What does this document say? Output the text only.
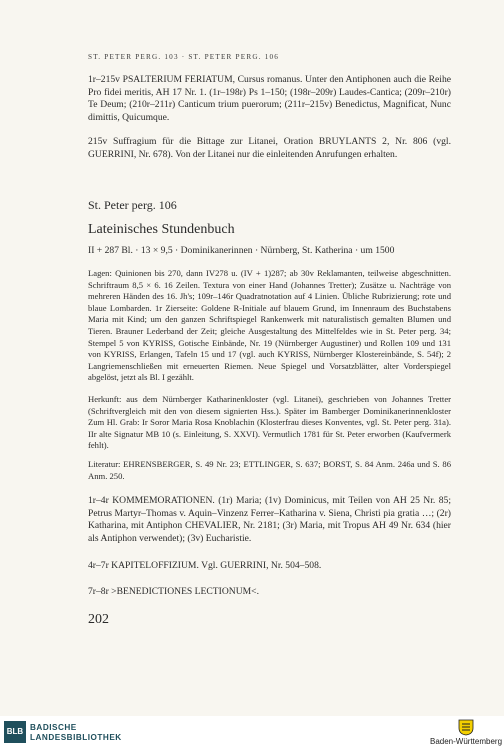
ST. PETER PERG. 103 · ST. PETER PERG. 106
1r–215v PSALTERIUM FERIATUM, Cursus romanus. Unter den Antiphonen auch die Reihe Pro fidei meritis, AH 17 Nr. 1. (1r–198r) Ps 1–150; (198r–209r) Laudes-Cantica; (209r–210r) Te Deum; (210r–211r) Canticum trium puerorum; (211r–215v) Benedictus, Magnificat, Nunc dimittis, Quicumque.
215v Suffragium für die Bittage zur Litanei, Oration BRUYLANTS 2, Nr. 806 (vgl. GUERRINI, Nr. 678). Von der Litanei nur die einleitenden Anrufungen erhalten.
St. Peter perg. 106
Lateinisches Stundenbuch
II + 287 Bl. · 13 × 9,5 · Dominikanerinnen · Nürnberg, St. Katherina · um 1500
Lagen: Quinionen bis 270, dann IV278 u. (IV + 1)287; ab 30v Reklamanten, teilweise abgeschnitten. Schriftraum 8,5 × 6. 16 Zeilen. Textura von einer Hand (Johannes Tretter); Zusätze u. Nachträge von mehreren Händen des 16. Jh's; 109r–146r Quadratnotation auf 4 Linien. Übliche Rubrizierung; rote und blaue Lombarden. 1r Zierseite: Goldene R-Initiale auf blauem Grund, im Innenraum des Buchstabens Maria mit Kind; um den ganzen Schriftspiegel Rankenwerk mit naturalistisch gemalten Blumen und Tieren. Brauner Lederband der Zeit; gleiche Ausgestaltung des Mittelfeldes wie in St. Peter perg. 34; Stempel 5 von KYRISS, Gotische Einbände, Nr. 19 (Nürnberger Augustiner) und Rollen 109 und 131 von KYRISS, Erlangen, Tafeln 15 und 17 (vgl. auch KYRISS, Nürnberger Klostereinbände, S. 54f); 2 Langriemenschließen mit erneuerten Riemen. Neue Spiegel und Vorsatzblätter, alter Vorderspiegel abgelöst, jetzt als Bl. I gezählt.
Herkunft: aus dem Nürnberger Katharinenkloster (vgl. Litanei), geschrieben von Johannes Tretter (Schriftvergleich mit den von diesem signierten Hss.). Später im Bamberger Dominikanerinnenkloster Zum Hl. Grab: Ir Soror Maria Rosa Knoblachin (Klosterfrau dieses Konventes, vgl. St. Peter perg. 31a). IIr alte Signatur MB 10 (s. Einleitung, S. XXVI). Vermutlich 1781 für St. Peter erworben (Kaufvermerk fehlt).
Literatur: EHRENSBERGER, S. 49 Nr. 23; ETTLINGER, S. 637; BORST, S. 84 Anm. 246a und S. 86 Anm. 250.
1r–4r KOMMEMORATIONEN. (1r) Maria; (1v) Dominicus, mit Teilen von AH 25 Nr. 85; Petrus Martyr–Thomas v. Aquin–Vinzenz Ferrer–Katharina v. Siena, Christi pia gratia …; (2r) Katharina, mit Antiphon CHEVALIER, Nr. 2181; (3r) Maria, mit Tropus AH 49 Nr. 634 (hier als Antiphon verwendet); (3v) Eucharistie.
4r–7r KAPITELOFFIZIUM. Vgl. GUERRINI, Nr. 504–508.
7r–8r >BENEDICTIONES LECTIONUM<.
202
BLB BADISCHE
LANDESBIBLIOTHEK	Baden-Württemberg
